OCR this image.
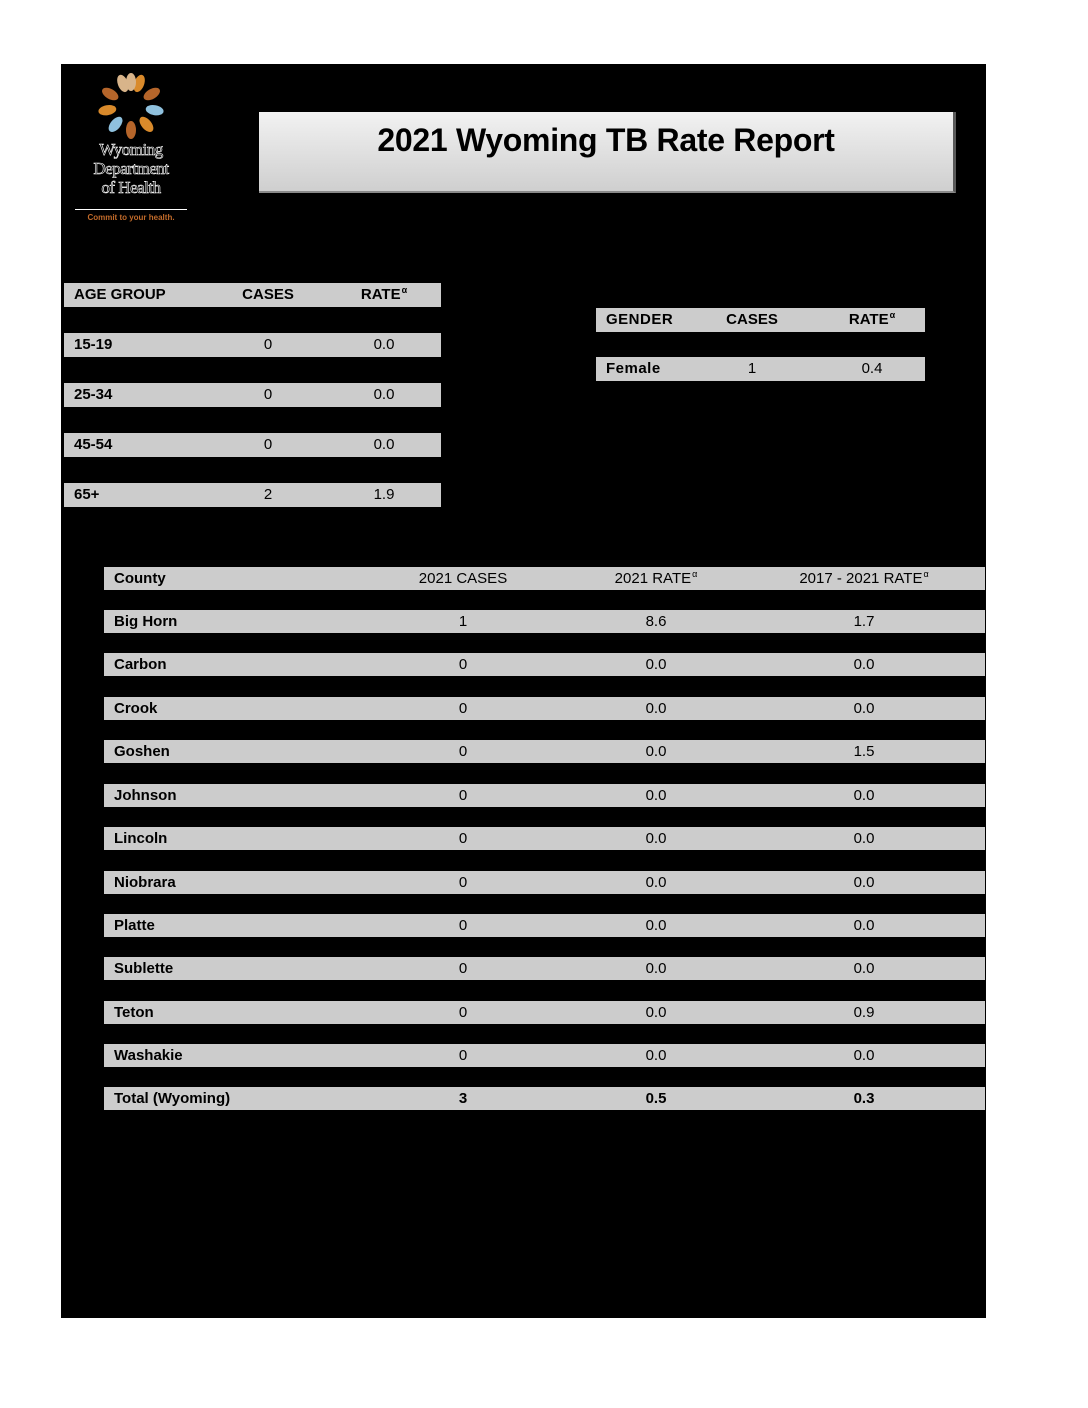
Wyoming
Department
of Health
Commit to your health.
2021 Wyoming TB Rate Report
AGE GROUP	CASES	$RATE^\alpha$
15-19	0	0.0
25-34	0	0.0
45-54	0	0.0
65+	2	1.9
GENDER	CASES	$RATE^\alpha$
Female	1	0.4
County	2021 CASES	2021 $RATE^\alpha$	2017 - 2021 $RATE^\alpha$
Big Horn	1	8.6	1.7
Carbon	0	0.0	0.0
Crook	0	0.0	0.0
Goshen	0	0.0	1.5
Johnson	0	0.0	0.0
Lincoln	0	0.0	0.0
Niobrara	0	0.0	0.0
Platte	0	0.0	0.0
Sublette	0	0.0	0.0
Teton	0	0.0	0.9
Washakie	0	0.0	0.0
Total (Wyoming)	3	0.5	0.3
